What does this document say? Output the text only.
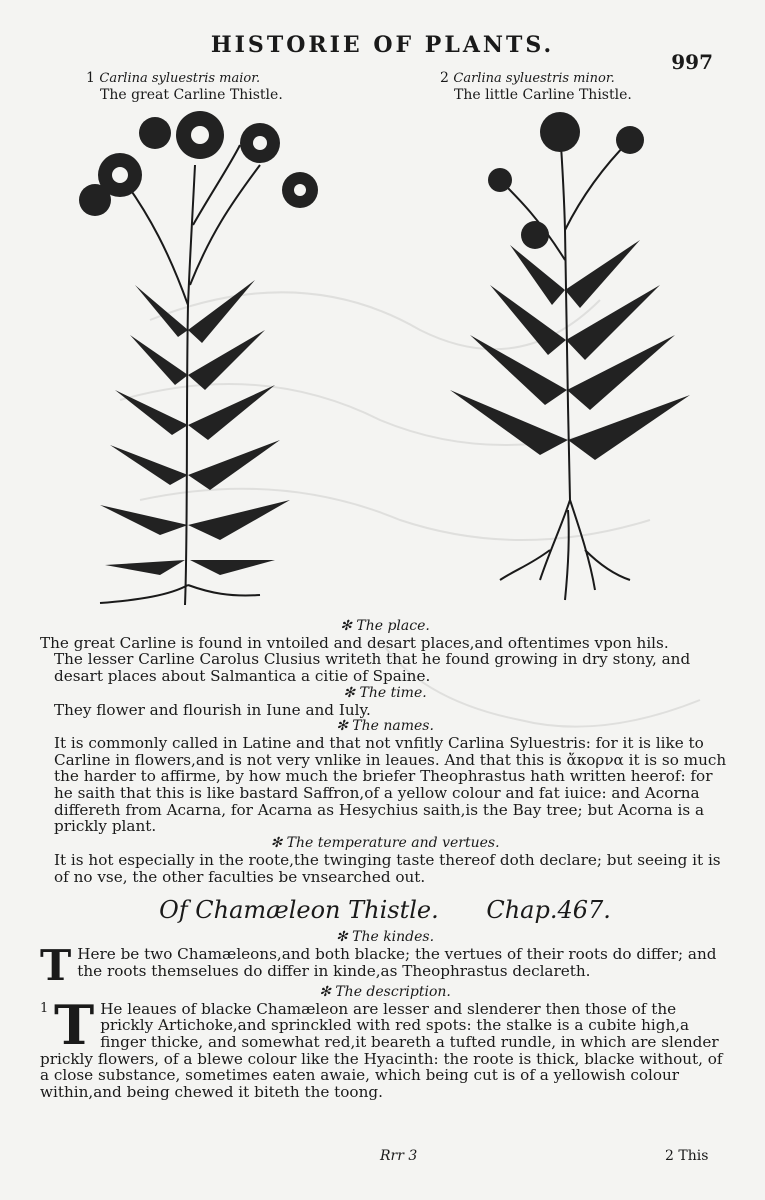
HISTORIE OF PLANTS.
997
1 Carlina syluestris maior.
The great Carline Thistle.
2 Carlina syluestris minor.
The little Carline Thistle.
✻ The place.
The great Carline is found in vntoiled and desart places,and oftentimes vpon hils.
The lesser Carline Carolus Clusius writeth that he found growing in dry stony, and desart places about Salmantica a citie of Spaine.
✻ The time.
They flower and flourish in Iune and Iuly.
✻ The names.
It is commonly called in Latine and that not vnfitly Carlina Syluestris: for it is like to Carline in flowers,and is not very vnlike in leaues. And that this is ἄκορνα it is so much the harder to affirme, by how much the briefer Theophrastus hath written heerof: for he saith that this is like bastard Saffron,of a yellow colour and fat iuice: and Acorna differeth from Acarna, for Acarna as Hesychius saith,is the Bay tree; but Acorna is a prickly plant.
✻ The temperature and vertues.
It is hot especially in the roote,the twinging taste thereof doth declare; but seeing it is of no vse, the other faculties be vnsearched out.
Of Chamæleon Thistle. Chap.467.
✻ The kindes.
T Here be two Chamæleons,and both blacke; the vertues of their roots do differ; and the roots themselues do differ in kinde,as Theophrastus declareth.
✻ The description.
1 T He leaues of blacke Chamæleon are lesser and slenderer then those of the prickly Artichoke,and sprinckled with red spots: the stalke is a cubite high,a finger thicke, and somewhat red,it beareth a tufted rundle, in which are slender prickly flowers, of a blewe colour like the Hyacinth: the roote is thick, blacke without, of a close substance, sometimes eaten awaie, which being cut is of a yellowish colour within,and being chewed it biteth the toong.
Rrr 3	2 This
